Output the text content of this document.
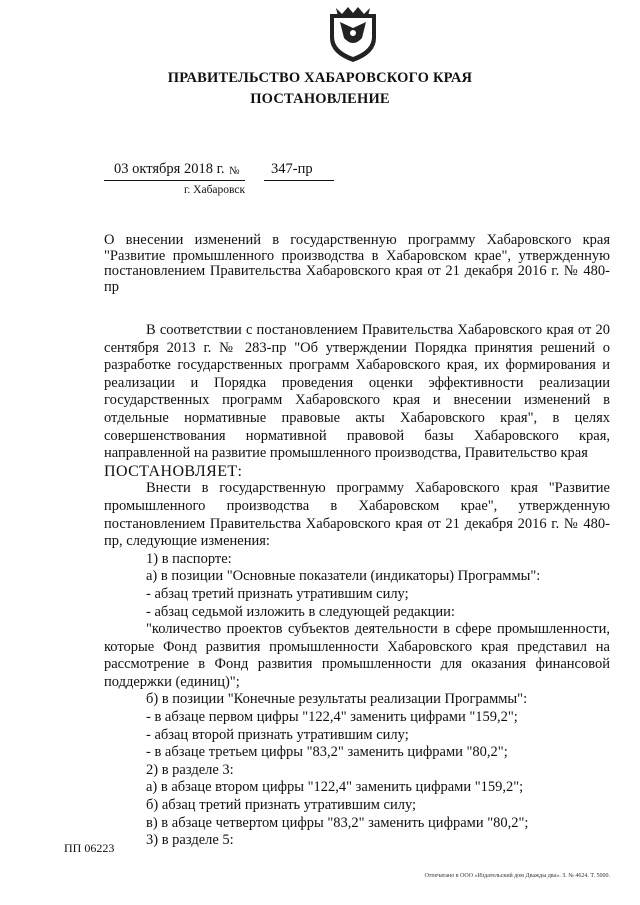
ПРАВИТЕЛЬСТВО ХАБАРОВСКОГО КРАЯ
ПОСТАНОВЛЕНИЕ
03 октября 2018 г. № 347-пр
г. Хабаровск
О внесении изменений в государственную программу Хабаровского края "Развитие промышленного производства в Хабаровском крае", утвержденную постановлением Правительства Хабаровского края от 21 декабря 2016 г. № 480-пр

В соответствии с постановлением Правительства Хабаровского края от 20 сентября 2013 г. № 283-пр "Об утверждении Порядка принятия решений о разработке государственных программ Хабаровского края, их формирования и реализации и Порядка проведения оценки эффективности реализации государственных программ Хабаровского края и внесении изменений в отдельные нормативные правовые акты Хабаровского края", в целях совершенствования нормативной правовой базы Хабаровского края, направленной на развитие промышленного производства, Правительство края

ПОСТАНОВЛЯЕТ:

Внести в государственную программу Хабаровского края "Развитие промышленного производства в Хабаровском крае", утвержденную постановлением Правительства Хабаровского края от 21 декабря 2016 г. № 480-пр, следующие изменения:

1) в паспорте:

а) в позиции "Основные показатели (индикаторы) Программы":

- абзац третий признать утратившим силу;

- абзац седьмой изложить в следующей редакции:

"количество проектов субъектов деятельности в сфере промышленности, которые Фонд развития промышленности Хабаровского края представил на рассмотрение в Фонд развития промышленности для оказания финансовой поддержки (единиц)";

б) в позиции "Конечные результаты реализации Программы":

- в абзаце первом цифры "122,4" заменить цифрами "159,2";

- абзац второй признать утратившим силу;

- в абзаце третьем цифры "83,2" заменить цифрами "80,2";

2) в разделе 3:

а) в абзаце втором цифры "122,4" заменить цифрами "159,2";

б) абзац третий признать утратившим силу;

в) в абзаце четвертом цифры "83,2" заменить цифрами "80,2";

3) в разделе 5:

ПП 06223
Отпечатано в ООО «Издательский дом Дважды два». З. № 4624. Т. 5000.
